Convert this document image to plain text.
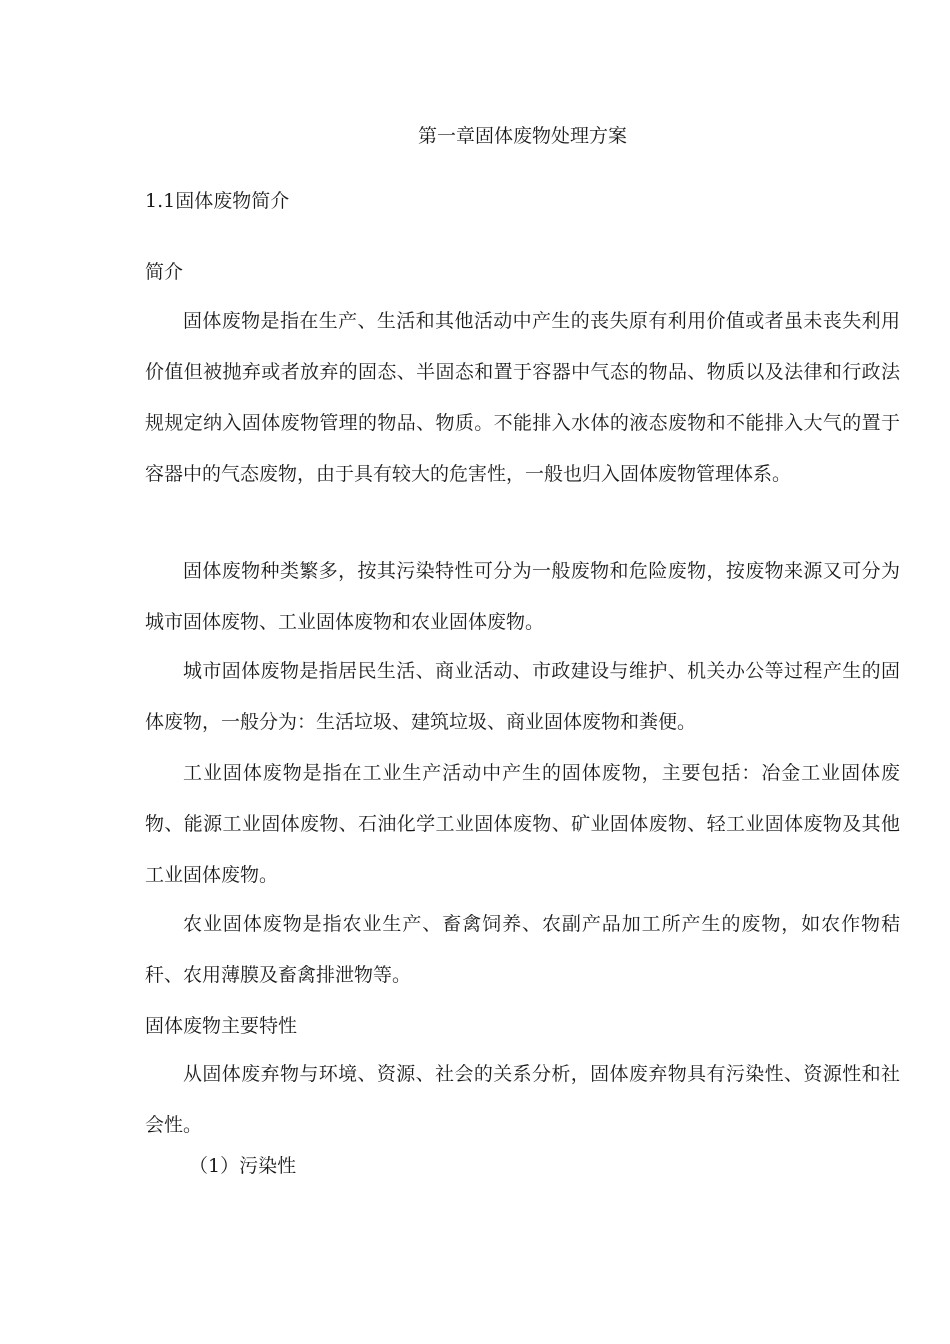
第一章固体废物处理方案
1.1固体废物简介
简介

固体废物是指在生产、生活和其他活动中产生的丧失原有利用价值或者虽未丧失利用价值但被抛弃或者放弃的固态、半固态和置于容器中气态的物品、物质以及法律和行政法规规定纳入固体废物管理的物品、物质。不能排入水体的液态废物和不能排入大气的置于容器中的气态废物，由于具有较大的危害性，一般也归入固体废物管理体系。

固体废物种类繁多，按其污染特性可分为一般废物和危险废物，按废物来源又可分为城市固体废物、工业固体废物和农业固体废物。

城市固体废物是指居民生活、商业活动、市政建设与维护、机关办公等过程产生的固体废物，一般分为：生活垃圾、建筑垃圾、商业固体废物和粪便。

工业固体废物是指在工业生产活动中产生的固体废物，主要包括：冶金工业固体废物、能源工业固体废物、石油化学工业固体废物、矿业固体废物、轻工业固体废物及其他工业固体废物。

农业固体废物是指农业生产、畜禽饲养、农副产品加工所产生的废物，如农作物秸秆、农用薄膜及畜禽排泄物等。

固体废物主要特性

从固体废弃物与环境、资源、社会的关系分析，固体废弃物具有污染性、资源性和社会性。

（1）污染性
